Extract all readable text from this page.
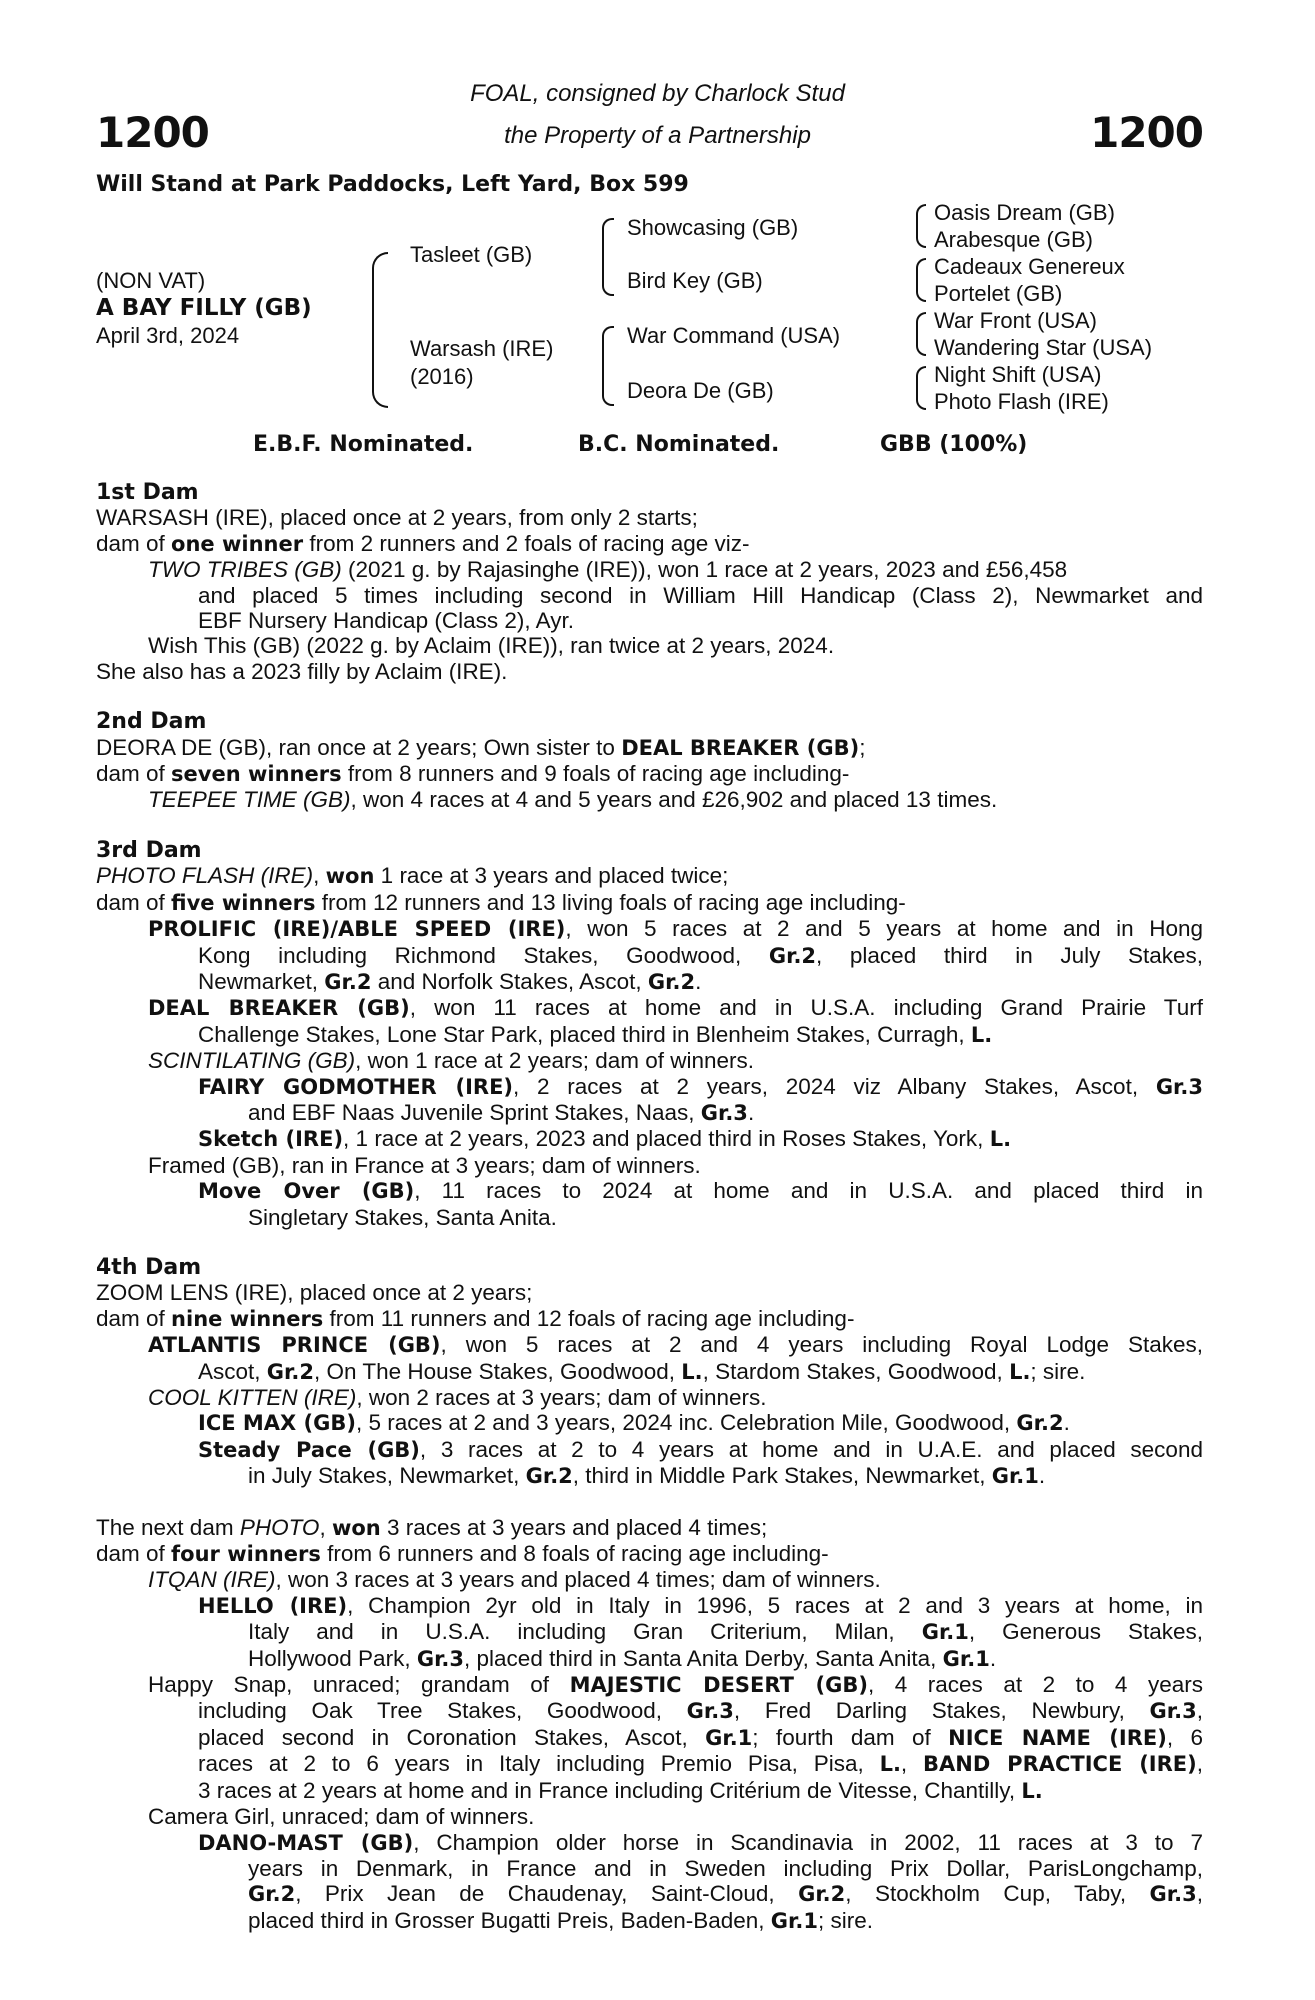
1200	1200
FOAL, consigned by Charlock Stud
the Property of a Partnership
Will Stand at Park Paddocks, Left Yard, Box 599
(NON VAT)
A BAY FILLY (GB)
April 3rd, 2024
Tasleet (GB)
Warsash (IRE)
(2016)
Showcasing (GB)
Bird Key (GB)
War Command (USA)
Deora De (GB)
Oasis Dream (GB)
Arabesque (GB)
Cadeaux Genereux
Portelet (GB)
War Front (USA)
Wandering Star (USA)
Night Shift (USA)
Photo Flash (IRE)
E.B.F. Nominated.	B.C. Nominated.	GBB (100%)
1st Dam
WARSASH (IRE), placed once at 2 years, from only 2 starts;
dam of one winner from 2 runners and 2 foals of racing age viz-
TWO TRIBES (GB) (2021 g. by Rajasinghe (IRE)), won 1 race at 2 years, 2023 and £56,458
and placed 5 times including second in William Hill Handicap (Class 2), Newmarket and
EBF Nursery Handicap (Class 2), Ayr.
Wish This (GB) (2022 g. by Aclaim (IRE)), ran twice at 2 years, 2024.
She also has a 2023 filly by Aclaim (IRE).
2nd Dam
DEORA DE (GB), ran once at 2 years; Own sister to DEAL BREAKER (GB);
dam of seven winners from 8 runners and 9 foals of racing age including-
TEEPEE TIME (GB), won 4 races at 4 and 5 years and £26,902 and placed 13 times.
3rd Dam
PHOTO FLASH (IRE), won 1 race at 3 years and placed twice;
dam of five winners from 12 runners and 13 living foals of racing age including-
PROLIFIC (IRE)/ABLE SPEED (IRE), won 5 races at 2 and 5 years at home and in Hong
Kong including Richmond Stakes, Goodwood, Gr.2, placed third in July Stakes,
Newmarket, Gr.2 and Norfolk Stakes, Ascot, Gr.2.
DEAL BREAKER (GB), won 11 races at home and in U.S.A. including Grand Prairie Turf
Challenge Stakes, Lone Star Park, placed third in Blenheim Stakes, Curragh, L.
SCINTILATING (GB), won 1 race at 2 years; dam of winners.
FAIRY GODMOTHER (IRE), 2 races at 2 years, 2024 viz Albany Stakes, Ascot, Gr.3
and EBF Naas Juvenile Sprint Stakes, Naas, Gr.3.
Sketch (IRE), 1 race at 2 years, 2023 and placed third in Roses Stakes, York, L.
Framed (GB), ran in France at 3 years; dam of winners.
Move Over (GB), 11 races to 2024 at home and in U.S.A. and placed third in
Singletary Stakes, Santa Anita.
4th Dam
ZOOM LENS (IRE), placed once at 2 years;
dam of nine winners from 11 runners and 12 foals of racing age including-
ATLANTIS PRINCE (GB), won 5 races at 2 and 4 years including Royal Lodge Stakes,
Ascot, Gr.2, On The House Stakes, Goodwood, L., Stardom Stakes, Goodwood, L.; sire.
COOL KITTEN (IRE), won 2 races at 3 years; dam of winners.
ICE MAX (GB), 5 races at 2 and 3 years, 2024 inc. Celebration Mile, Goodwood, Gr.2.
Steady Pace (GB), 3 races at 2 to 4 years at home and in U.A.E. and placed second
in July Stakes, Newmarket, Gr.2, third in Middle Park Stakes, Newmarket, Gr.1.
The next dam PHOTO, won 3 races at 3 years and placed 4 times;
dam of four winners from 6 runners and 8 foals of racing age including-
ITQAN (IRE), won 3 races at 3 years and placed 4 times; dam of winners.
HELLO (IRE), Champion 2yr old in Italy in 1996, 5 races at 2 and 3 years at home, in
Italy and in U.S.A. including Gran Criterium, Milan, Gr.1, Generous Stakes,
Hollywood Park, Gr.3, placed third in Santa Anita Derby, Santa Anita, Gr.1.
Happy Snap, unraced; grandam of MAJESTIC DESERT (GB), 4 races at 2 to 4 years
including Oak Tree Stakes, Goodwood, Gr.3, Fred Darling Stakes, Newbury, Gr.3,
placed second in Coronation Stakes, Ascot, Gr.1; fourth dam of NICE NAME (IRE), 6
races at 2 to 6 years in Italy including Premio Pisa, Pisa, L., BAND PRACTICE (IRE),
3 races at 2 years at home and in France including Critérium de Vitesse, Chantilly, L.
Camera Girl, unraced; dam of winners.
DANO-MAST (GB), Champion older horse in Scandinavia in 2002, 11 races at 3 to 7
years in Denmark, in France and in Sweden including Prix Dollar, ParisLongchamp,
Gr.2, Prix Jean de Chaudenay, Saint-Cloud, Gr.2, Stockholm Cup, Taby, Gr.3,
placed third in Grosser Bugatti Preis, Baden-Baden, Gr.1; sire.
